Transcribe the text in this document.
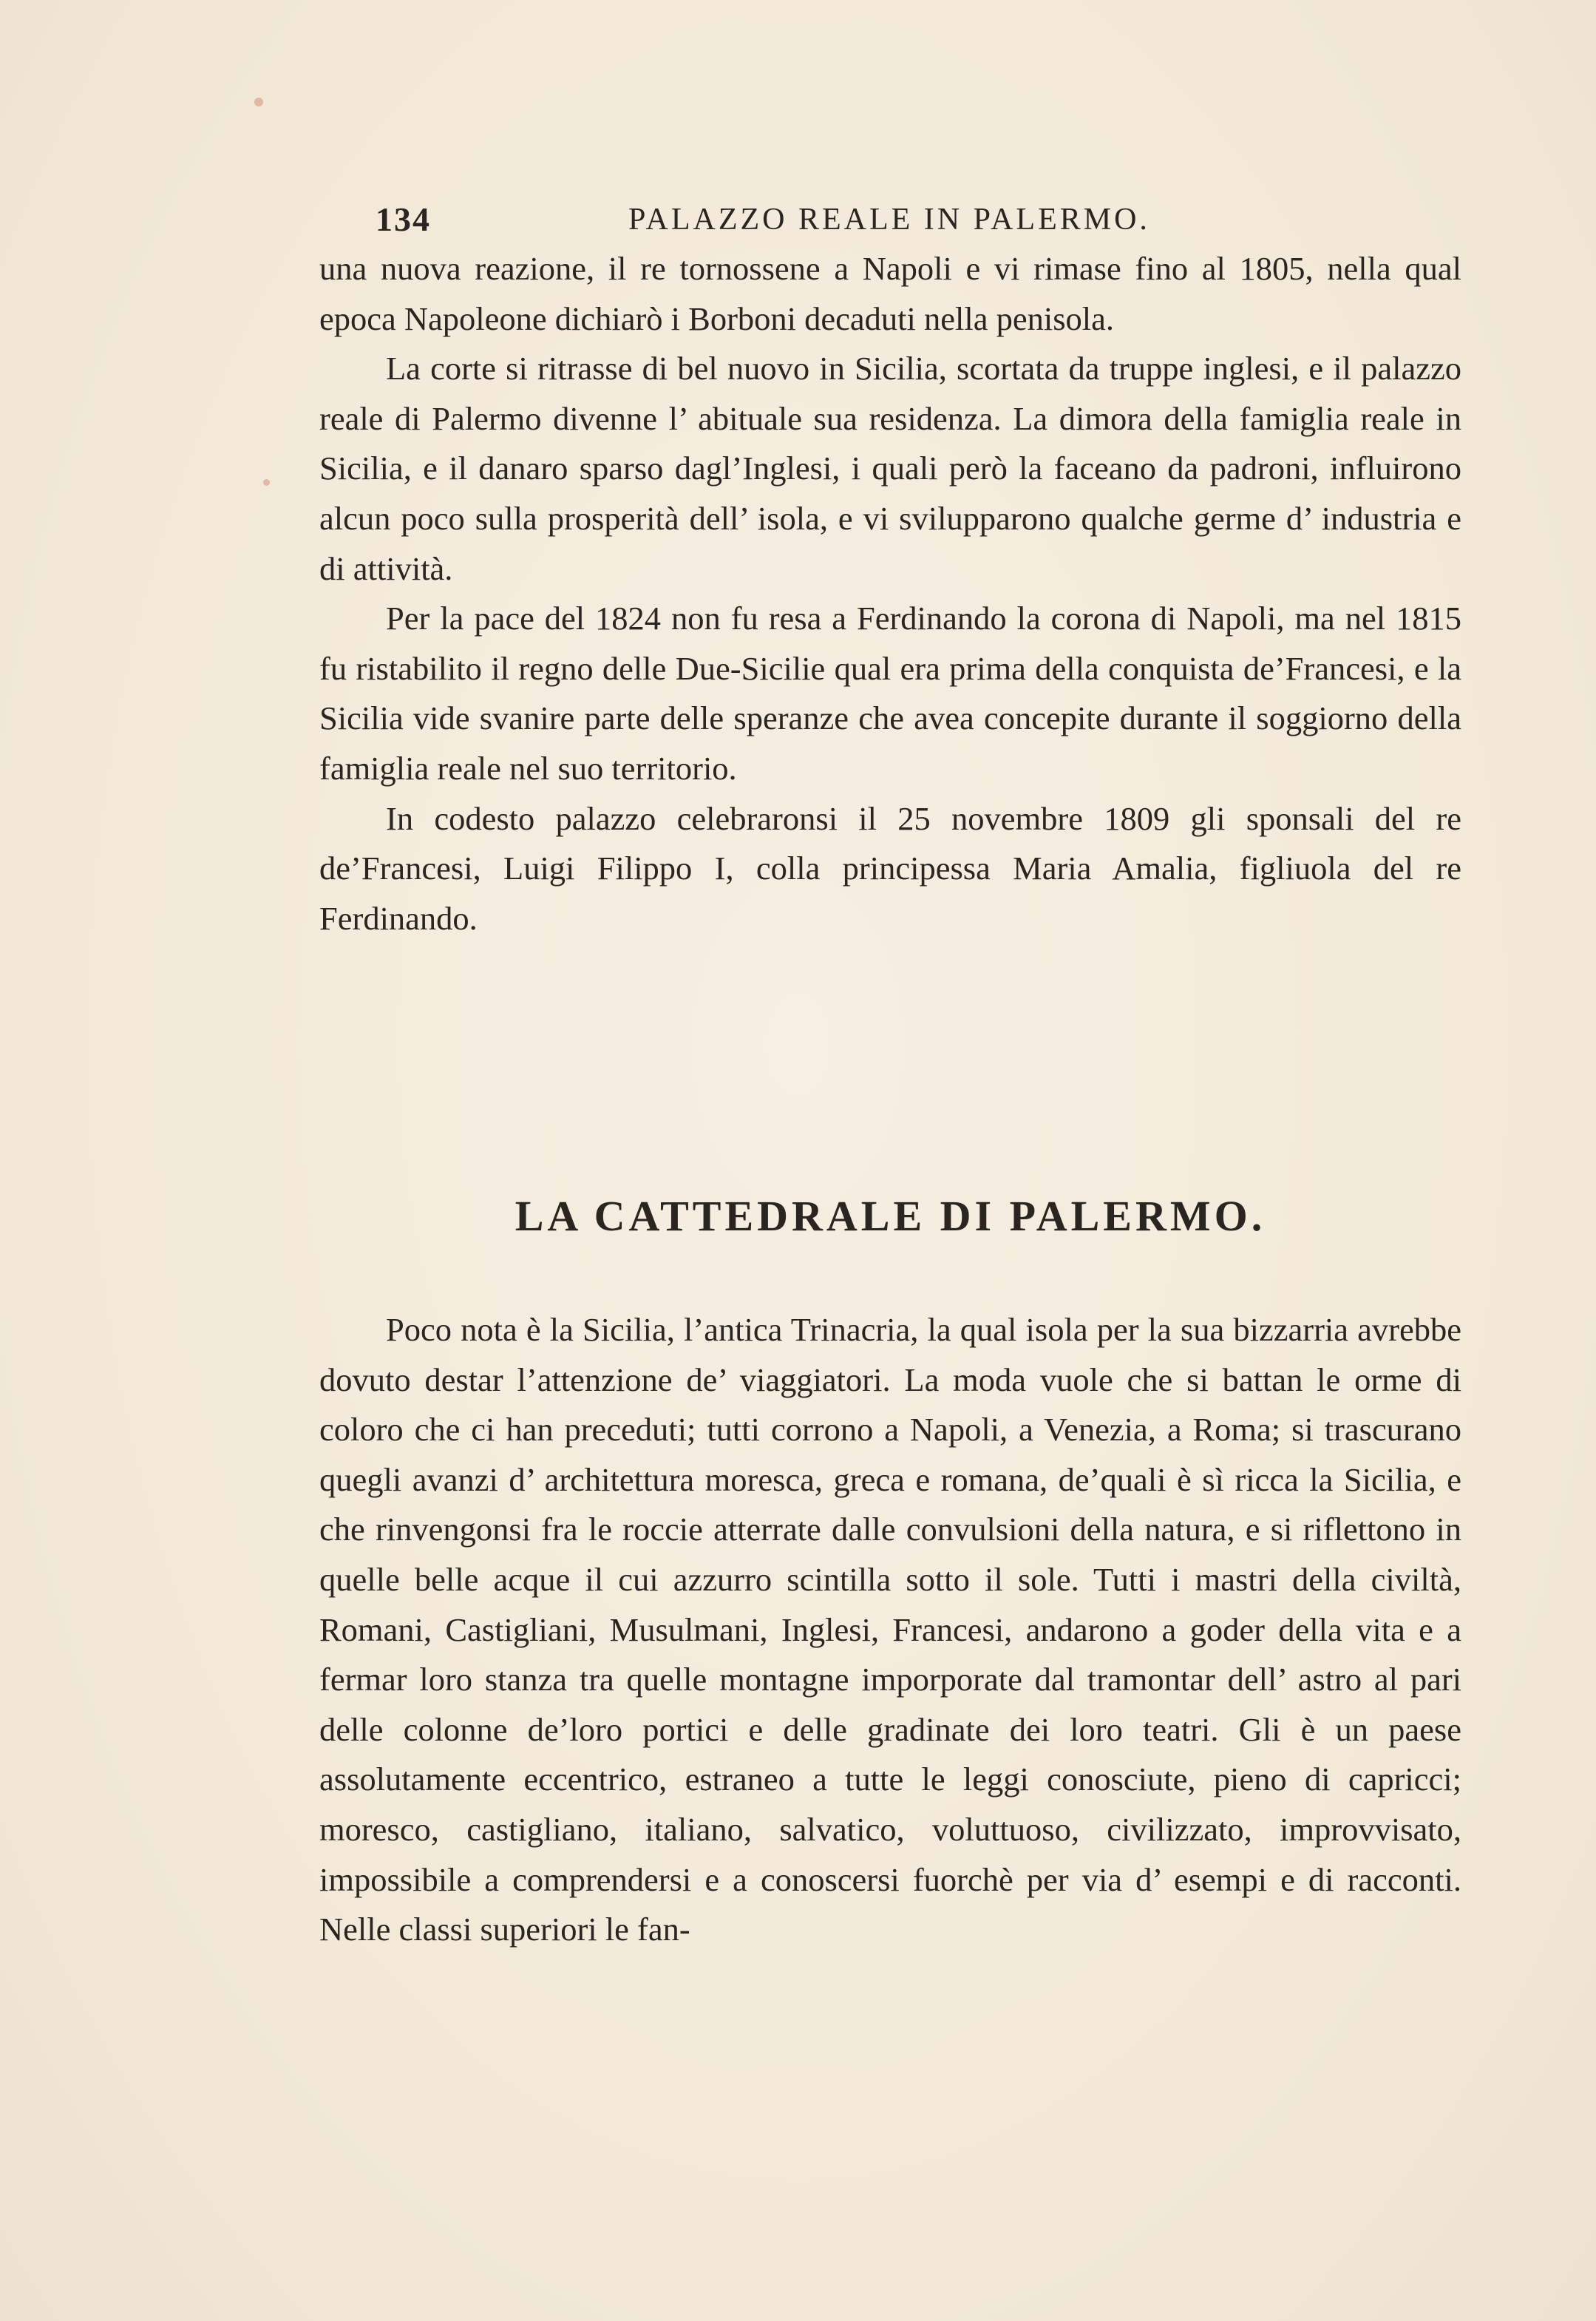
134	PALAZZO REALE IN PALERMO.

una nuova reazione, il re tornossene a Napoli e vi rimase fino al 1805, nella qual epoca Napoleone dichiarò i Borboni decaduti nella penisola.

La corte si ritrasse di bel nuovo in Sicilia, scortata da truppe inglesi, e il palazzo reale di Palermo divenne l’ abituale sua residenza. La dimora della famiglia reale in Sicilia, e il danaro sparso dagl’Inglesi, i quali però la faceano da padroni, influirono alcun poco sulla prosperità dell’ isola, e vi svilupparono qualche germe d’ industria e di attività.

Per la pace del 1824 non fu resa a Ferdinando la corona di Napoli, ma nel 1815 fu ristabilito il regno delle Due-Sicilie qual era prima della conquista de’Francesi, e la Sicilia vide svanire parte delle speranze che avea concepite durante il soggiorno della famiglia reale nel suo territorio.

In codesto palazzo celebraronsi il 25 novembre 1809 gli sponsali del re de’Francesi, Luigi Filippo I, colla principessa Maria Amalia, figliuola del re Ferdinando.

LA CATTEDRALE DI PALERMO.

Poco nota è la Sicilia, l’antica Trinacria, la qual isola per la sua bizzarria avrebbe dovuto destar l’attenzione de’ viaggiatori. La moda vuole che si battan le orme di coloro che ci han preceduti; tutti corrono a Napoli, a Venezia, a Roma; si trascurano quegli avanzi d’ architettura moresca, greca e romana, de’quali è sì ricca la Sicilia, e che rinvengonsi fra le roccie atterrate dalle convulsioni della natura, e si riflettono in quelle belle acque il cui azzurro scintilla sotto il sole. Tutti i mastri della civiltà, Romani, Castigliani, Musulmani, Inglesi, Francesi, andarono a goder della vita e a fermar loro stanza tra quelle montagne imporporate dal tramontar dell’ astro al pari delle colonne de’loro portici e delle gradinate dei loro teatri. Gli è un paese assolutamente eccentrico, estraneo a tutte le leggi conosciute, pieno di capricci; moresco, castigliano, italiano, salvatico, voluttuoso, civilizzato, improvvisato, impossibile a comprendersi e a conoscersi fuorchè per via d’ esempi e di racconti. Nelle classi superiori le fan-
